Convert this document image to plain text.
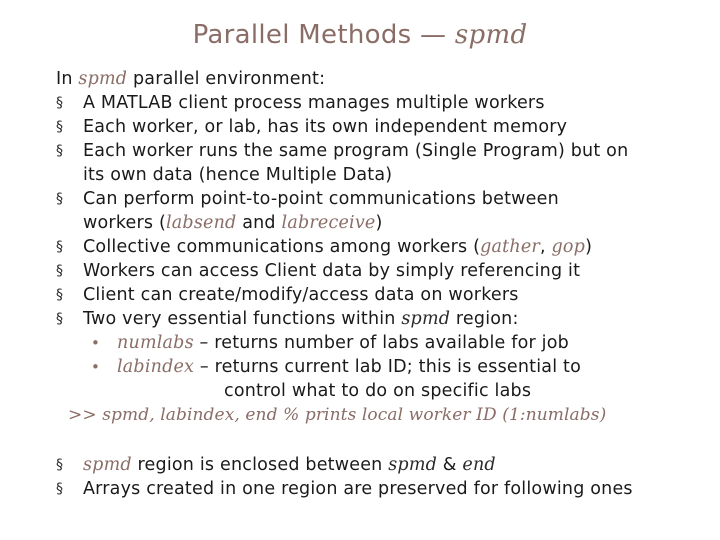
Parallel Methods — spmd
In spmd parallel environment:
§ A MATLAB client process manages multiple workers
§ Each worker, or lab, has its own independent memory
§ Each worker runs the same program (Single Program) but on
its own data (hence Multiple Data)
§ Can perform point-to-point communications between
workers (labsend and labreceive)
§ Collective communications among workers (gather, gop)
§ Workers can access Client data by simply referencing it
§ Client can create/modify/access data on workers
§ Two very essential functions within spmd region:
• numlabs – returns number of labs available for job
• labindex – returns current lab ID; this is essential to
control what to do on specific labs
>> spmd, labindex, end % prints local worker ID (1:numlabs)
§ spmd region is enclosed between spmd & end
§ Arrays created in one region are preserved for following ones
